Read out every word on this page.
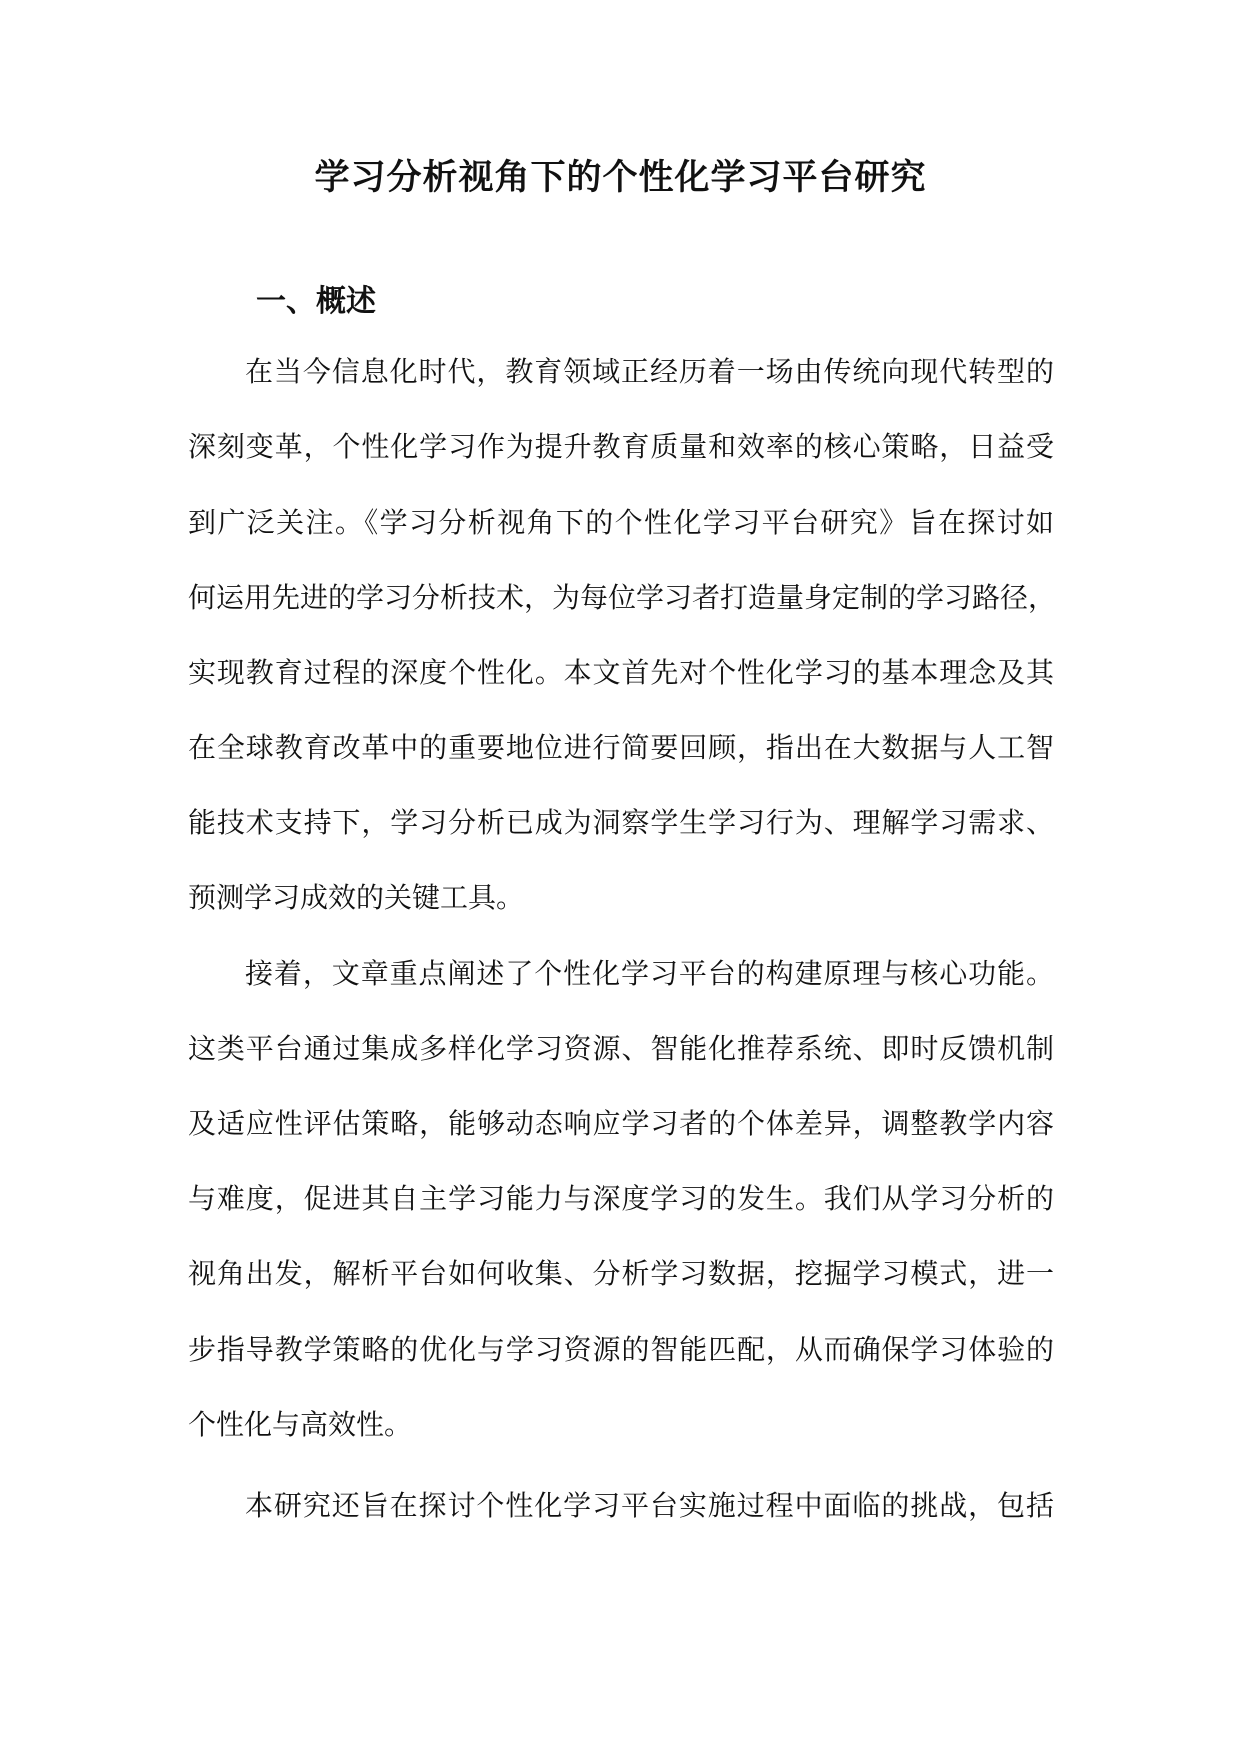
学习分析视角下的个性化学习平台研究
一、概述

在当今信息化时代，教育领域正经历着一场由传统向现代转型的

深刻变革，个性化学习作为提升教育质量和效率的核心策略，日益受

到广泛关注。《学习分析视角下的个性化学习平台研究》旨在探讨如

何运用先进的学习分析技术，为每位学习者打造量身定制的学习路径，

实现教育过程的深度个性化。本文首先对个性化学习的基本理念及其

在全球教育改革中的重要地位进行简要回顾，指出在大数据与人工智

能技术支持下，学习分析已成为洞察学生学习行为、理解学习需求、

预测学习成效的关键工具。

接着，文章重点阐述了个性化学习平台的构建原理与核心功能。

这类平台通过集成多样化学习资源、智能化推荐系统、即时反馈机制

及适应性评估策略，能够动态响应学习者的个体差异，调整教学内容

与难度，促进其自主学习能力与深度学习的发生。我们从学习分析的

视角出发，解析平台如何收集、分析学习数据，挖掘学习模式，进一

步指导教学策略的优化与学习资源的智能匹配，从而确保学习体验的

个性化与高效性。

本研究还旨在探讨个性化学习平台实施过程中面临的挑战，包括
